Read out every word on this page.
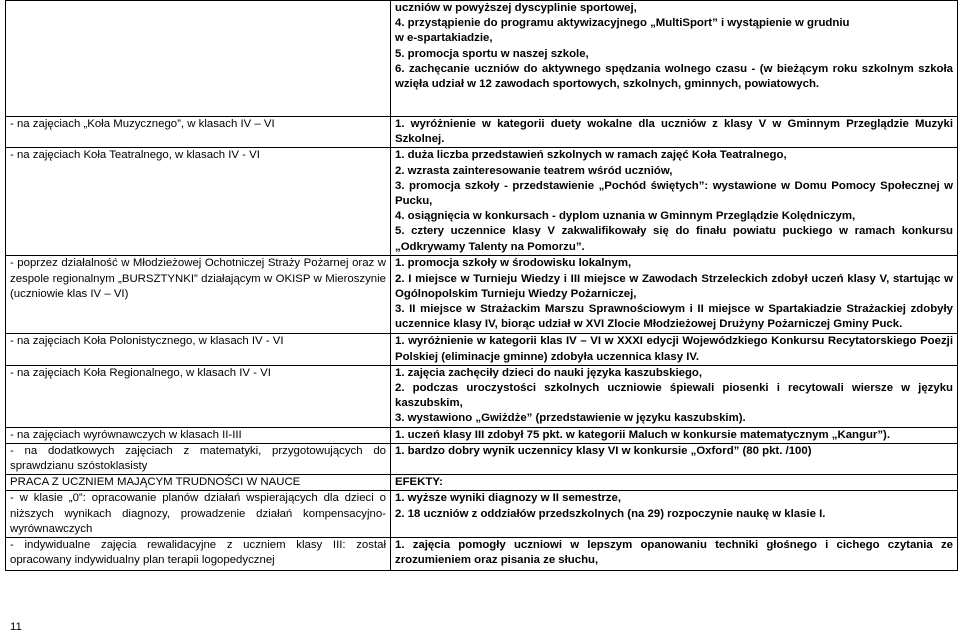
	uczniów w powyższej dyscyplinie sportowej,
4. przystąpienie do programu aktywizacyjnego „MultiSport” i wystąpienie w grudniu
w e-spartakiadzie,
5. promocja sportu w naszej szkole,
6. zachęcanie uczniów do aktywnego spędzania wolnego czasu - (w bieżącym roku szkolnym szkoła wzięła udział w 12 zawodach sportowych, szkolnych, gminnych, powiatowych.

- na zajęciach „Koła Muzycznego”, w klasach IV – VI	1. wyróżnienie w kategorii duety wokalne dla uczniów z klasy V w Gminnym Przeglądzie Muzyki Szkolnej.

- na zajęciach Koła Teatralnego, w klasach IV - VI	1. duża liczba przedstawień szkolnych w ramach zajęć Koła Teatralnego,
2. wzrasta zainteresowanie teatrem wśród uczniów,
3. promocja szkoły - przedstawienie „Pochód świętych”: wystawione w Domu Pomocy Społecznej w Pucku,
4. osiągnięcia w konkursach - dyplom uznania w Gminnym Przeglądzie Kolędniczym,
5. cztery uczennice klasy V zakwalifikowały się do finału powiatu puckiego w ramach konkursu „Odkrywamy Talenty na Pomorzu”.

- poprzez działalność w Młodzieżowej Ochotniczej Straży Pożarnej oraz w zespole regionalnym „BURSZTYNKI” działającym w OKISP w Mieroszynie (uczniowie klas IV – VI)	1. promocja szkoły w środowisku lokalnym,
2. I miejsce w Turnieju Wiedzy i III miejsce w Zawodach Strzeleckich zdobył uczeń klasy V, startując w Ogólnopolskim Turnieju Wiedzy Pożarniczej,
3. II miejsce w Strażackim Marszu Sprawnościowym i II miejsce w Spartakiadzie Strażackiej zdobyły uczennice klasy IV, biorąc udział w XVI Zlocie Młodzieżowej Drużyny Pożarniczej Gminy Puck.

- na zajęciach Koła Polonistycznego, w klasach IV - VI	1. wyróżnienie w kategorii klas IV – VI w XXXI edycji Wojewódzkiego Konkursu Recytatorskiego Poezji Polskiej (eliminacje gminne) zdobyła uczennica klasy IV.

- na zajęciach Koła Regionalnego, w klasach IV - VI	1. zajęcia zachęciły dzieci do nauki języka kaszubskiego,
2. podczas uroczystości szkolnych uczniowie śpiewali piosenki i recytowali wiersze w języku kaszubskim,
3. wystawiono „Gwiżdże” (przedstawienie w języku kaszubskim).

- na zajęciach wyrównawczych w klasach II-III	1. uczeń klasy III zdobył 75 pkt. w kategorii Maluch w konkursie matematycznym „Kangur”).

- na dodatkowych zajęciach z matematyki, przygotowujących do sprawdzianu szóstoklasisty	1. bardzo dobry wynik uczennicy klasy VI w konkursie „Oxford” (80 pkt. /100)

PRACA Z UCZNIEM MAJĄCYM TRUDNOŚCI W NAUCE	EFEKTY:

- w klasie „0”: opracowanie planów działań wspierających dla dzieci o niższych wynikach diagnozy, prowadzenie działań kompensacyjno-wyrównawczych	1. wyższe wyniki diagnozy w II semestrze,
2. 18 uczniów z oddziałów przedszkolnych (na 29) rozpoczynie naukę w klasie I.

- indywidualne zajęcia rewalidacyjne z uczniem klasy III: został opracowany indywidualny plan terapii logopedycznej	1. zajęcia pomogły uczniowi w lepszym opanowaniu techniki głośnego i cichego czytania ze zrozumieniem oraz pisania ze słuchu,
11
